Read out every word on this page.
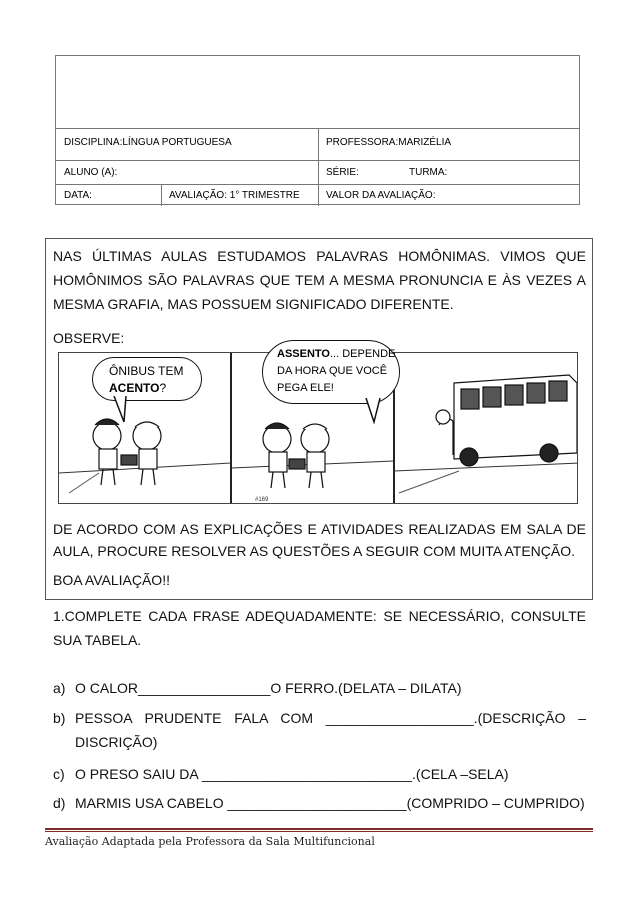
DISCIPLINA:LÍNGUA PORTUGUESA	PROFESSORA:MARIZÉLIA
ALUNO (A):	SÉRIE:	TURMA:
DATA:	AVALIAÇÃO: 1° TRIMESTRE	VALOR DA AVALIAÇÃO:
NAS ÚLTIMAS AULAS ESTUDAMOS PALAVRAS HOMÔNIMAS. VIMOS QUE
HOMÔNIMOS SÃO PALAVRAS QUE TEM A MESMA PRONUNCIA E ÀS VEZES A
MESMA GRAFIA, MAS POSSUEM SIGNIFICADO DIFERENTE.
OBSERVE:
#169
ÔNIBUS TEM
ACENTO?
ASSENTO... DEPENDE
DA HORA QUE VOCÊ
PEGA ELE!
DE ACORDO COM AS EXPLICAÇÕES E ATIVIDADES REALIZADAS EM SALA DE
AULA, PROCURE RESOLVER AS QUESTÕES A SEGUIR COM MUITA ATENÇÃO.
BOA AVALIAÇÃO!!
1.COMPLETE CADA FRASE ADEQUADAMENTE: SE NECESSÁRIO, CONSULTE
SUA TABELA.
a) O CALOR_________________O FERRO.(DELATA – DILATA)
b) PESSOA  PRUDENTE  FALA  COM  ___________________.(DESCRIÇÃO  –
DISCRIÇÃO)
c) O PRESO SAIU DA ___________________________.(CELA –SELA)
d) MARMIS USA CABELO _______________________(COMPRIDO – CUMPRIDO)
Avaliação Adaptada pela Professora da Sala Multifuncional
